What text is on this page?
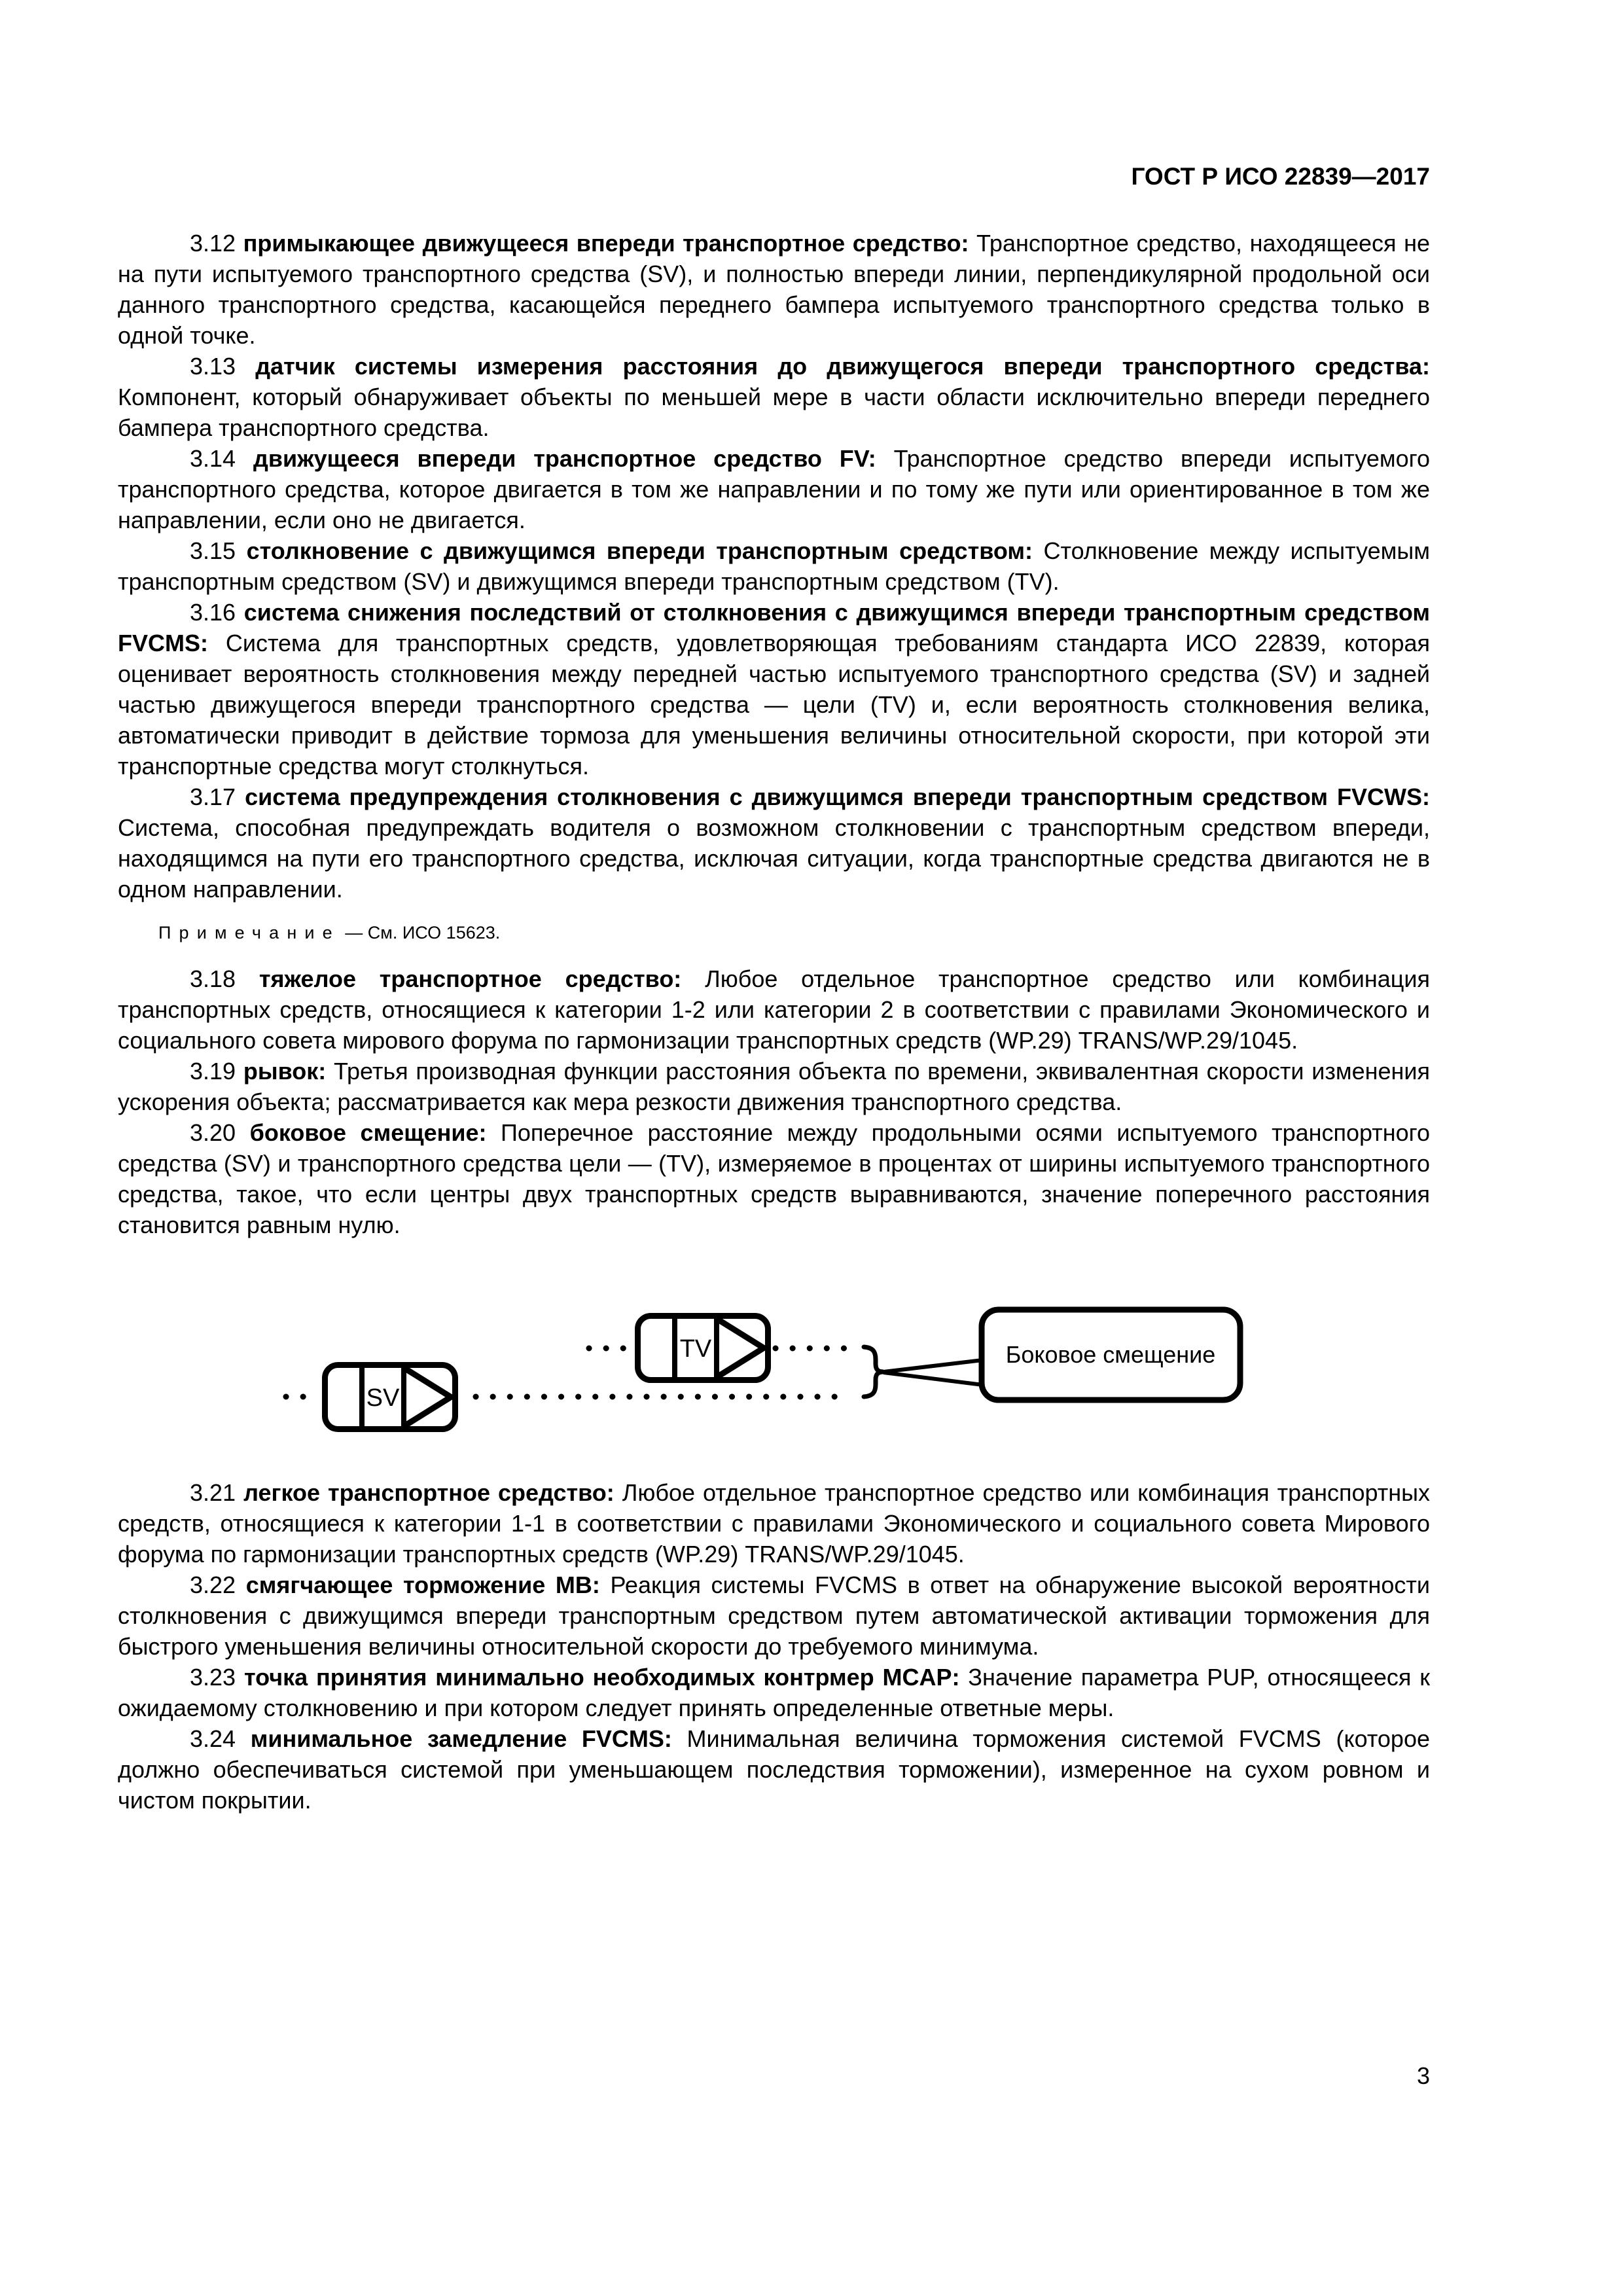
ГОСТ Р ИСО 22839—2017

3.12 примыкающее движущееся впереди транспортное средство: Транспортное средство, находящееся не на пути испытуемого транспортного средства (SV), и полностью впереди линии, перпендикулярной продольной оси данного транспортного средства, касающейся переднего бампера испытуемого транспортного средства только в одной точке.

3.13 датчик системы измерения расстояния до движущегося впереди транспортного средства: Компонент, который обнаруживает объекты по меньшей мере в части области исключительно впереди переднего бампера транспортного средства.

3.14 движущееся впереди транспортное средство FV: Транспортное средство впереди испытуемого транспортного средства, которое двигается в том же направлении и по тому же пути или ориентированное в том же направлении, если оно не двигается.

3.15 столкновение с движущимся впереди транспортным средством: Столкновение между испытуемым транспортным средством (SV) и движущимся впереди транспортным средством (TV).

3.16 система снижения последствий от столкновения с движущимся впереди транспортным средством FVCMS: Система для транспортных средств, удовлетворяющая требованиям стандарта ИСО 22839, которая оценивает вероятность столкновения между передней частью испытуемого транспортного средства (SV) и задней частью движущегося впереди транспортного средства — цели (TV) и, если вероятность столкновения велика, автоматически приводит в действие тормоза для уменьшения величины относительной скорости, при которой эти транспортные средства могут столкнуться.

3.17 система предупреждения столкновения с движущимся впереди транспортным средством FVCWS: Система, способная предупреждать водителя о возможном столкновении с транспортным средством впереди, находящимся на пути его транспортного средства, исключая ситуации, когда транспортные средства двигаются не в одном направлении.

Примечание — См. ИСО 15623.

3.18 тяжелое транспортное средство: Любое отдельное транспортное средство или комбинация транспортных средств, относящиеся к категории 1-2 или категории 2 в соответствии с правилами Экономического и социального совета мирового форума по гармонизации транспортных средств (WP.29) TRANS/WP.29/1045.

3.19 рывок: Третья производная функции расстояния объекта по времени, эквивалентная скорости изменения ускорения объекта; рассматривается как мера резкости движения транспортного средства.

3.20 боковое смещение: Поперечное расстояние между продольными осями испытуемого транспортного средства (SV) и транспортного средства цели — (TV), измеряемое в процентах от ширины испытуемого транспортного средства, такое, что если центры двух транспортных средств выравниваются, значение поперечного расстояния становится равным нулю.

SV
TV	Боковое смещение

3.21 легкое транспортное средство: Любое отдельное транспортное средство или комбинация транспортных средств, относящиеся к категории 1-1 в соответствии с правилами Экономического и социального совета Мирового форума по гармонизации транспортных средств (WP.29) TRANS/WP.29/1045.

3.22 смягчающее торможение MB: Реакция системы FVCMS в ответ на обнаружение высокой вероятности столкновения с движущимся впереди транспортным средством путем автоматической активации торможения для быстрого уменьшения величины относительной скорости до требуемого минимума.

3.23 точка принятия минимально необходимых контрмер MCAP: Значение параметра PUP, относящееся к ожидаемому столкновению и при котором следует принять определенные ответные меры.

3.24 минимальное замедление FVCMS: Минимальная величина торможения системой FVCMS (которое должно обеспечиваться системой при уменьшающем последствия торможении), измеренное на сухом ровном и чистом покрытии.

3
